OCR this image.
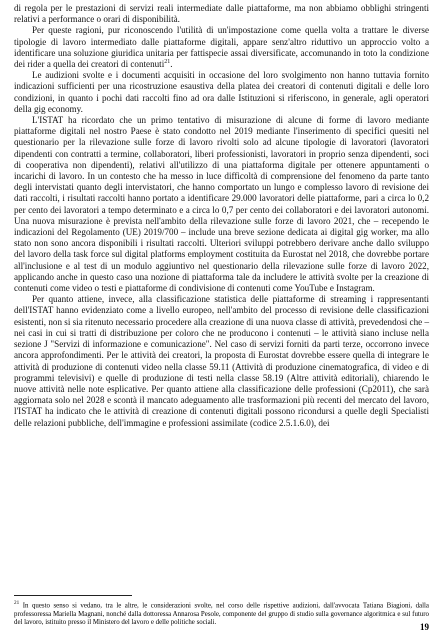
di regola per le prestazioni di servizi reali intermediate dalle piattaforme, ma non abbiamo obblighi stringenti relativi a performance o orari di disponibilità.

Per queste ragioni, pur riconoscendo l'utilità di un'impostazione come quella volta a trattare le diverse tipologie di lavoro intermediato dalle piattaforme digitali, appare senz'altro riduttivo un approccio volto a identificare una soluzione giuridica unitaria per fattispecie assai diversificate, accomunando in toto la condizione dei rider a quella dei creatori di contenuti$^{21}$.

Le audizioni svolte e i documenti acquisiti in occasione del loro svolgimento non hanno tuttavia fornito indicazioni sufficienti per una ricostruzione esaustiva della platea dei creatori di contenuti digitali e delle loro condizioni, in quanto i pochi dati raccolti fino ad ora dalle Istituzioni si riferiscono, in generale, agli operatori della gig economy.

L'ISTAT ha ricordato che un primo tentativo di misurazione di alcune di forme di lavoro mediante piattaforme digitali nel nostro Paese è stato condotto nel 2019 mediante l'inserimento di specifici quesiti nel questionario per la rilevazione sulle forze di lavoro rivolti solo ad alcune tipologie di lavoratori (lavoratori dipendenti con contratti a termine, collaboratori, liberi professionisti, lavoratori in proprio senza dipendenti, soci di cooperativa non dipendenti), relativi all'utilizzo di una piattaforma digitale per ottenere appuntamenti o incarichi di lavoro. In un contesto che ha messo in luce difficoltà di comprensione del fenomeno da parte tanto degli intervistati quanto degli intervistatori, che hanno comportato un lungo e complesso lavoro di revisione dei dati raccolti, i risultati raccolti hanno portato a identificare 29.000 lavoratori delle piattaforme, pari a circa lo 0,2 per cento dei lavoratori a tempo determinato e a circa lo 0,7 per cento dei collaboratori e dei lavoratori autonomi. Una nuova misurazione è prevista nell'ambito della rilevazione sulle forze di lavoro 2021, che – recependo le indicazioni del Regolamento (UE) 2019/700 – include una breve sezione dedicata ai digital gig worker, ma allo stato non sono ancora disponibili i risultati raccolti. Ulteriori sviluppi potrebbero derivare anche dallo sviluppo del lavoro della task force sul digital platforms employment costituita da Eurostat nel 2018, che dovrebbe portare all'inclusione e al test di un modulo aggiuntivo nel questionario della rilevazione sulle forze di lavoro 2022, applicando anche in questo caso una nozione di piattaforma tale da includere le attività svolte per la creazione di contenuti come video o testi e piattaforme di condivisione di contenuti come YouTube e Instagram.

Per quanto attiene, invece, alla classificazione statistica delle piattaforme di streaming i rappresentanti dell'ISTAT hanno evidenziato come a livello europeo, nell'ambito del processo di revisione delle classificazioni esistenti, non si sia ritenuto necessario procedere alla creazione di una nuova classe di attività, prevedendosi che – nei casi in cui si tratti di distribuzione per coloro che ne producono i contenuti – le attività siano incluse nella sezione J "Servizi di informazione e comunicazione". Nel caso di servizi forniti da parti terze, occorrono invece ancora approfondimenti. Per le attività dei creatori, la proposta di Eurostat dovrebbe essere quella di integrare le attività di produzione di contenuti video nella classe 59.11 (Attività di produzione cinematografica, di video e di programmi televisivi) e quelle di produzione di testi nella classe 58.19 (Altre attività editoriali), chiarendo le nuove attività nelle note esplicative. Per quanto attiene alla classificazione delle professioni (Cp2011), che sarà aggiornata solo nel 2028 e scontà il mancato adeguamento alle trasformazioni più recenti del mercato del lavoro, l'ISTAT ha indicato che le attività di creazione di contenuti digitali possono ricondursi a quelle degli Specialisti delle relazioni pubbliche, dell'immagine e professioni assimilate (codice 2.5.1.6.0), dei

$^{21}$ In questo senso si vedano, tra le altre, le considerazioni svolte, nel corso delle rispettive audizioni, dall'avvocata Tatiana Biagioni, dalla professoressa Mariella Magnani, nonché dalla dottoressa Annarosa Pesole, componente del gruppo di studio sulla governance algoritmica e sul futuro del lavoro, istituito presso il Ministero del lavoro e delle politiche sociali.	19
